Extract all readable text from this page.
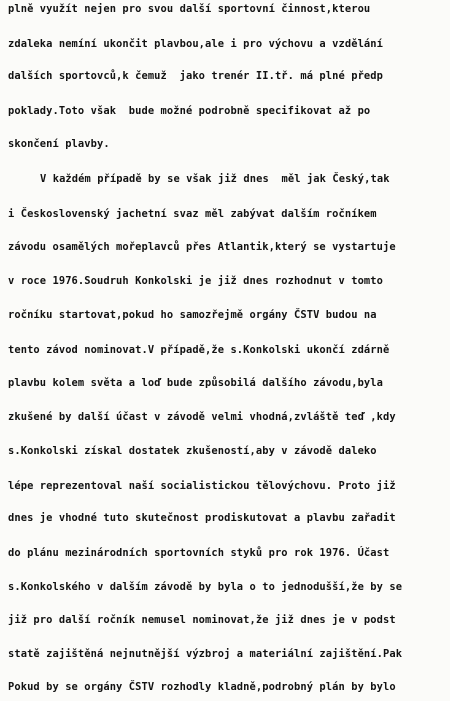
plně využít nejen pro svou další sportovní činnost,kterou
zdaleka nemíní ukončit plavbou,ale i pro výchovu a vzdělání
dalších sportovců,k čemuž  jako trenér II.tř. má plné předp
poklady.Toto však  bude možné podrobně specifikovat až po
skončení plavby.
V každém případě by se však již dnes  měl jak Český,tak
i Československý jachetní svaz měl zabývat dalším ročníkem
závodu osamělých mořeplavců přes Atlantik,který se vystartuje
v roce 1976.Soudruh Konkolski je již dnes rozhodnut v tomto
ročníku startovat,pokud ho samozřejmě orgány ČSTV budou na
tento závod nominovat.V případě,že s.Konkolski ukončí zdárně
plavbu kolem světa a loď bude způsobilá dalšího závodu,byla
zkušené by další účast v závodě velmi vhodná,zvláště teď ,kdy
s.Konkolski získal dostatek zkušeností,aby v závodě daleko
lépe reprezentoval naší socialistickou tělovýchovu. Proto již
dnes je vhodné tuto skutečnost prodiskutovat a plavbu zařadit
do plánu mezinárodních sportovních styků pro rok 1976. Účast
s.Konkolského v dalším závodě by byla o to jednodušší,že by se
již pro další ročník nemusel nominovat,že již dnes je v podst
statě zajištěná nejnutnější výzbroj a materiální zajištění.Pak
Pokud by se orgány ČSTV rozhodly kladně,podrobný plán by bylo
